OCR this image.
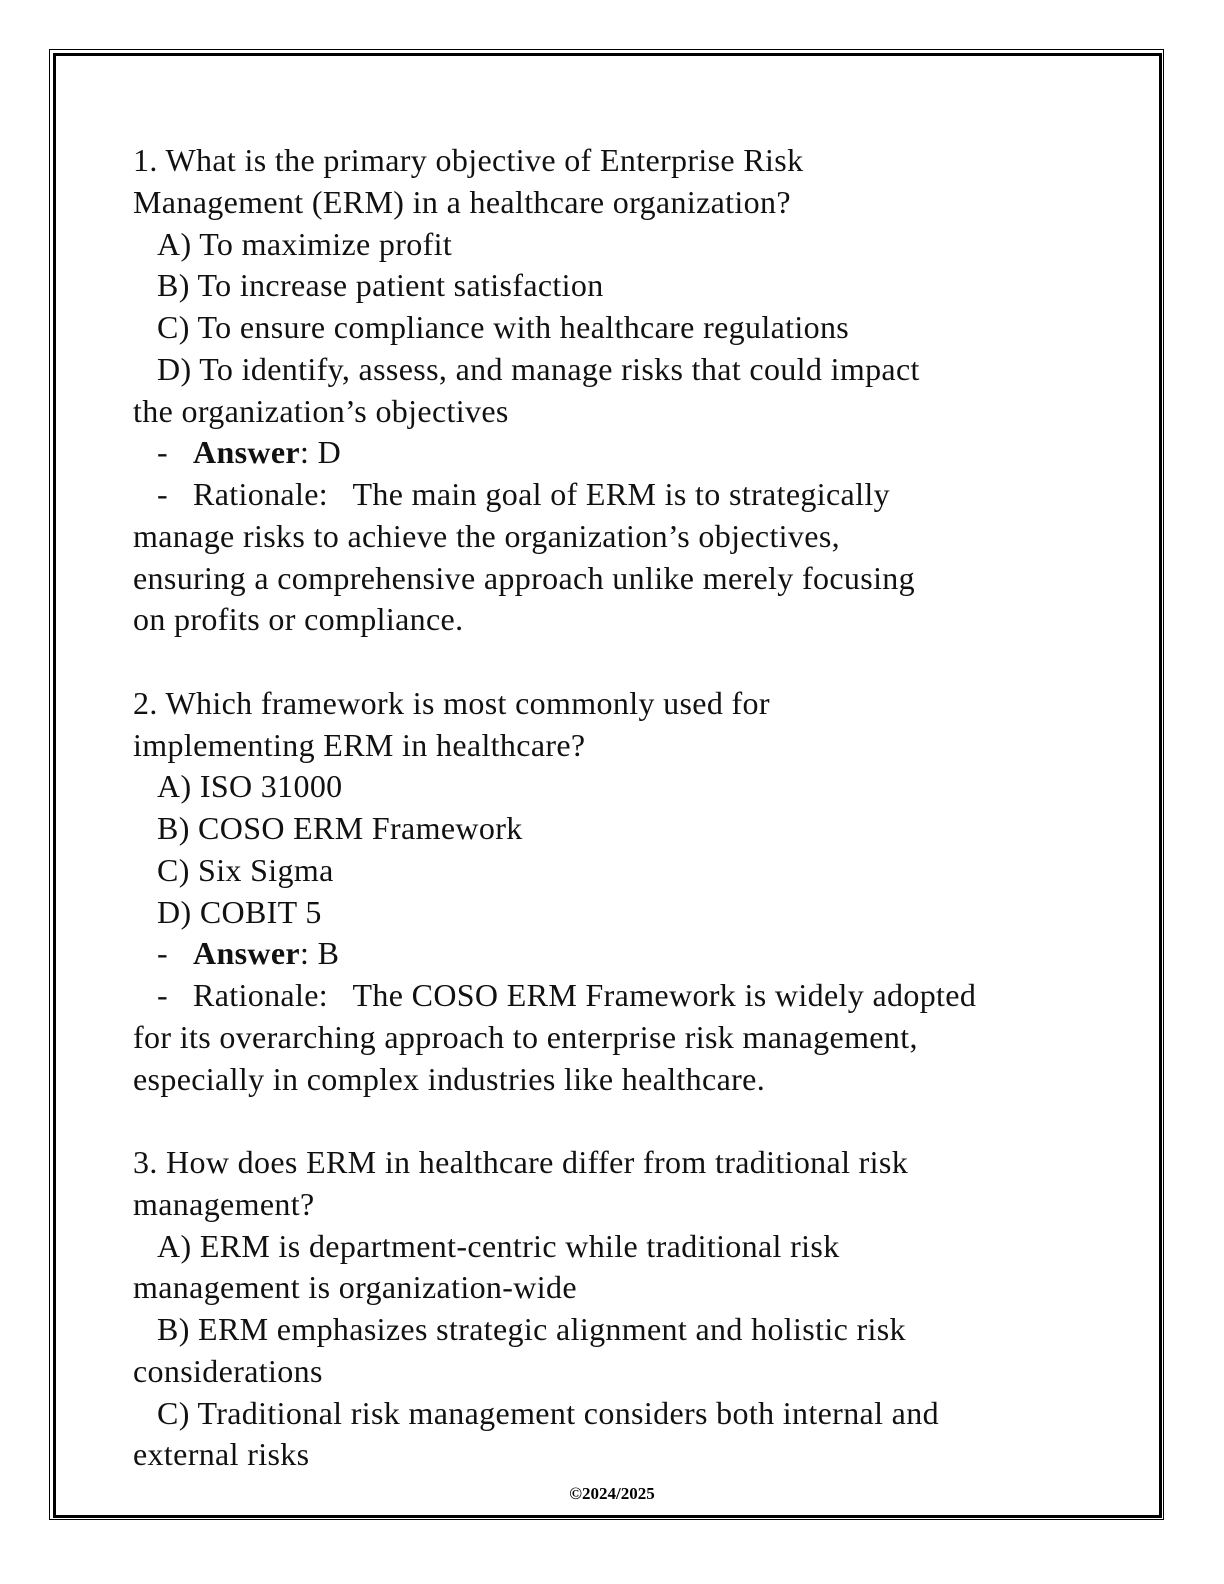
1. What is the primary objective of Enterprise Risk
Management (ERM) in a healthcare organization?
A) To maximize profit
B) To increase patient satisfaction
C) To ensure compliance with healthcare regulations
D) To identify, assess, and manage risks that could impact
the organization’s objectives
- Answer: D
- Rationale:   The main goal of ERM is to strategically
manage risks to achieve the organization’s objectives,
ensuring a comprehensive approach unlike merely focusing
on profits or compliance.
2. Which framework is most commonly used for
implementing ERM in healthcare?
A) ISO 31000
B) COSO ERM Framework
C) Six Sigma
D) COBIT 5
- Answer: B
- Rationale:   The COSO ERM Framework is widely adopted
for its overarching approach to enterprise risk management,
especially in complex industries like healthcare.
3. How does ERM in healthcare differ from traditional risk
management?
A) ERM is department-centric while traditional risk
management is organization-wide
B) ERM emphasizes strategic alignment and holistic risk
considerations
C) Traditional risk management considers both internal and
external risks
©2024/2025
